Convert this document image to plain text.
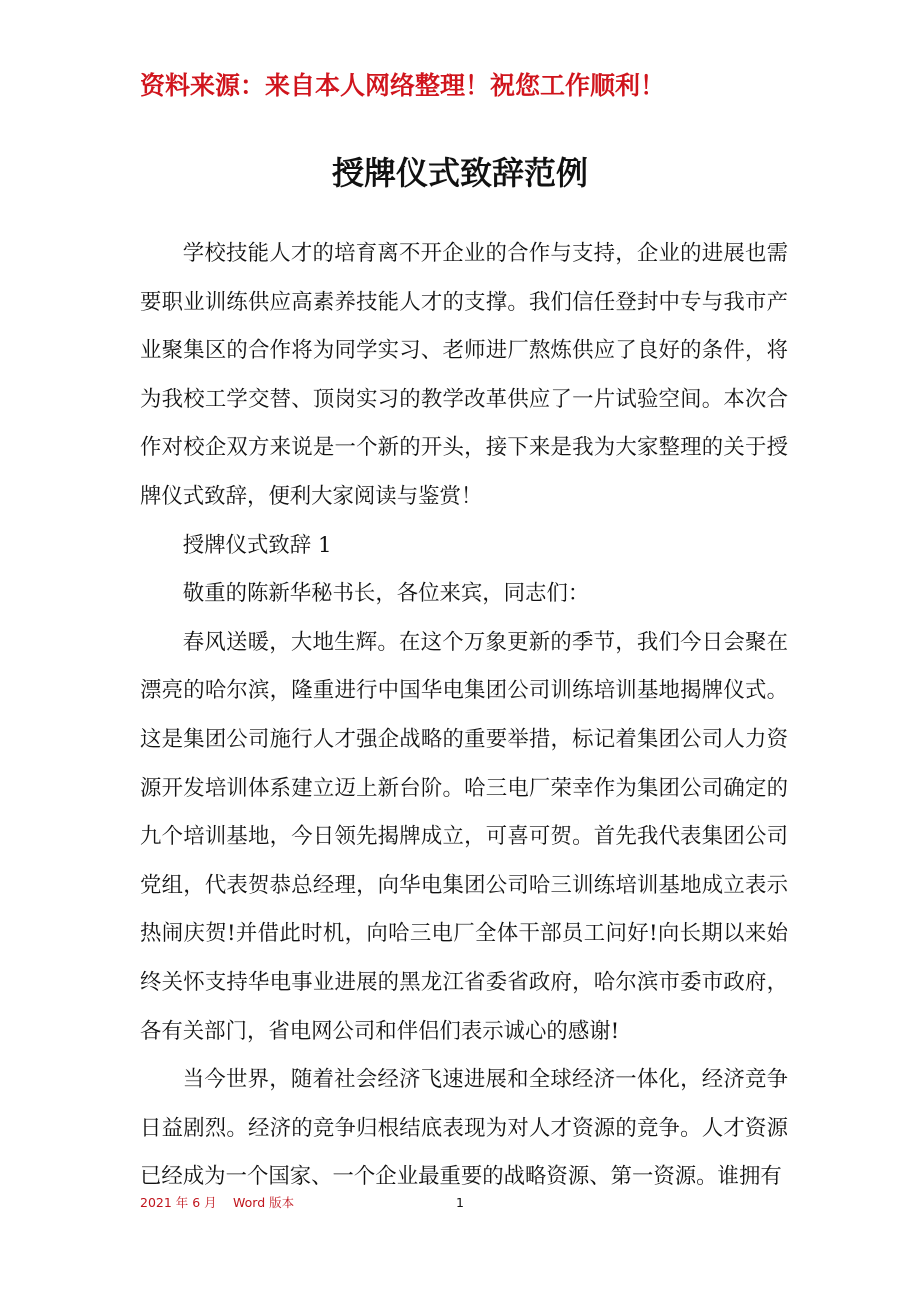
资料来源：来自本人网络整理！祝您工作顺利！
授牌仪式致辞范例

学校技能人才的培育离不开企业的合作与支持，企业的进展也需要职业训练供应高素养技能人才的支撑。我们信任登封中专与我市产业聚集区的合作将为同学实习、老师进厂熬炼供应了良好的条件，将为我校工学交替、顶岗实习的教学改革供应了一片试验空间。本次合作对校企双方来说是一个新的开头，接下来是我为大家整理的关于授牌仪式致辞，便利大家阅读与鉴赏！

授牌仪式致辞 1

敬重的陈新华秘书长，各位来宾，同志们：

春风送暖，大地生辉。在这个万象更新的季节，我们今日会聚在漂亮的哈尔滨，隆重进行中国华电集团公司训练培训基地揭牌仪式。这是集团公司施行人才强企战略的重要举措，标记着集团公司人力资源开发培训体系建立迈上新台阶。哈三电厂荣幸作为集团公司确定的九个培训基地，今日领先揭牌成立，可喜可贺。首先我代表集团公司党组，代表贺恭总经理，向华电集团公司哈三训练培训基地成立表示热闹庆贺!并借此时机，向哈三电厂全体干部员工问好!向长期以来始终关怀支持华电事业进展的黑龙江省委省政府，哈尔滨市委市政府，各有关部门，省电网公司和伴侣们表示诚心的感谢!

当今世界，随着社会经济飞速进展和全球经济一体化，经济竞争日益剧烈。经济的竞争归根结底表现为对人才资源的竞争。人才资源已经成为一个国家、一个企业最重要的战略资源、第一资源。谁拥有

2021 年 6 月 Word 版本	1
